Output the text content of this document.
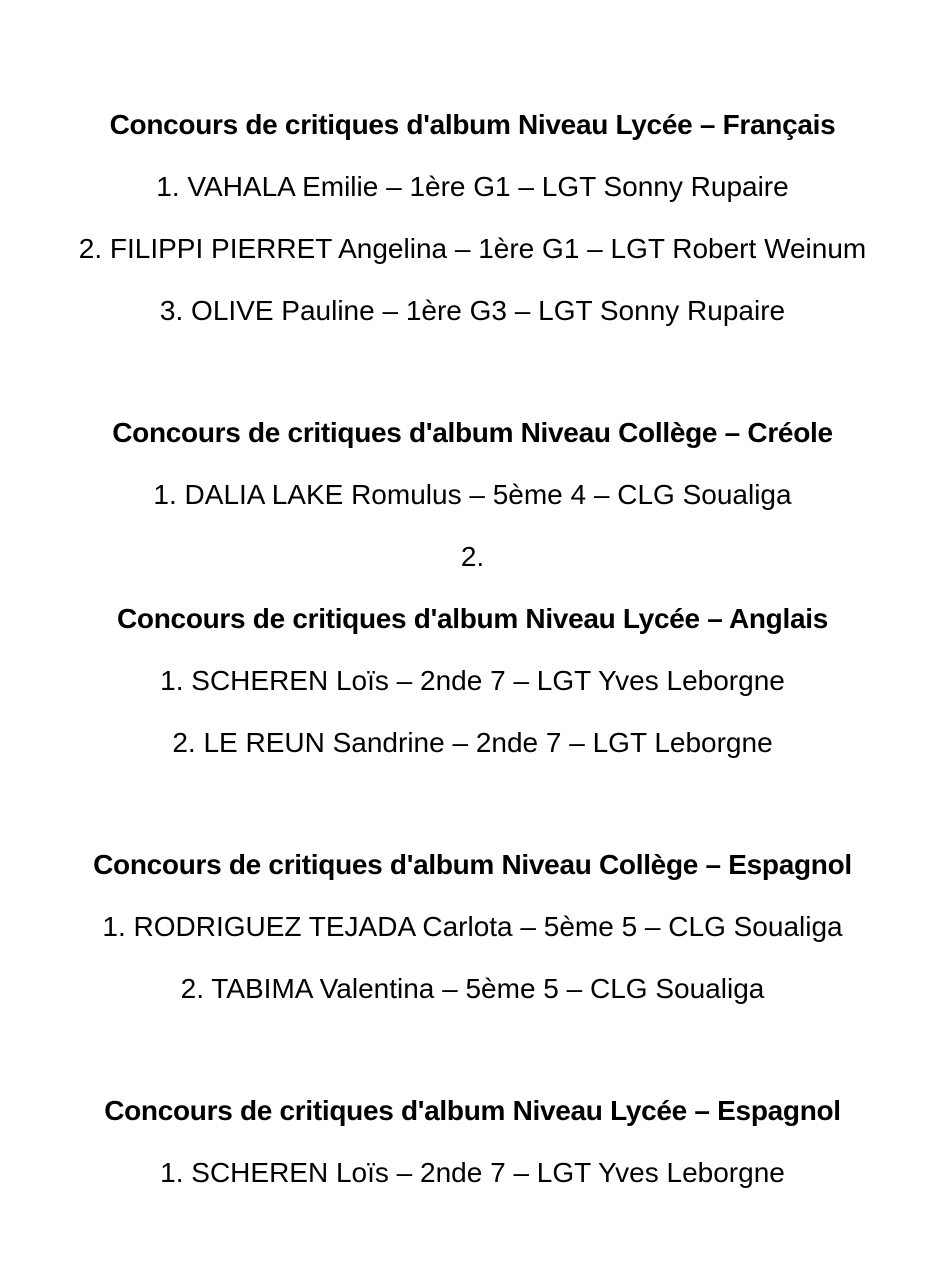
Concours de critiques d'album Niveau Lycée – Français
1. VAHALA Emilie – 1ère G1 – LGT Sonny Rupaire
2. FILIPPI PIERRET Angelina – 1ère G1 – LGT Robert Weinum
3. OLIVE Pauline – 1ère G3 – LGT Sonny Rupaire
Concours de critiques d'album Niveau Collège – Créole
1. DALIA LAKE Romulus – 5ème 4 – CLG Soualiga
2.
Concours de critiques d'album Niveau Lycée – Anglais
1. SCHEREN Loïs – 2nde 7 – LGT Yves Leborgne
2. LE REUN Sandrine – 2nde 7 – LGT Leborgne
Concours de critiques d'album Niveau Collège – Espagnol
1. RODRIGUEZ TEJADA Carlota – 5ème 5 – CLG Soualiga
2. TABIMA Valentina – 5ème 5 – CLG Soualiga
Concours de critiques d'album Niveau Lycée – Espagnol
1. SCHEREN Loïs – 2nde 7 – LGT Yves Leborgne
